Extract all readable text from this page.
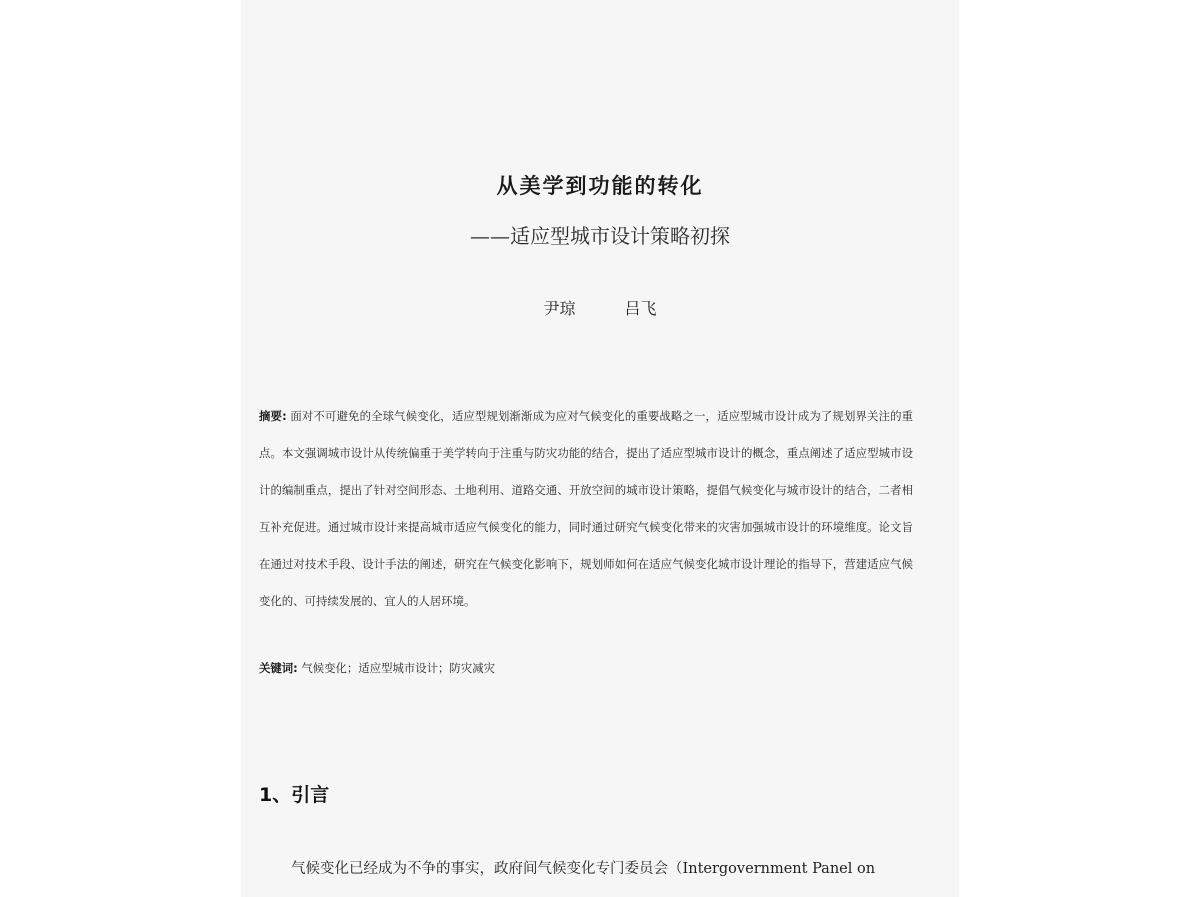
从美学到功能的转化
——适应型城市设计策略初探
尹琼	吕飞

摘要: 面对不可避免的全球气候变化，适应型规划渐渐成为应对气候变化的重要战略之一，适应型城市设计成为了规划界关注的重点。本文强调城市设计从传统偏重于美学转向于注重与防灾功能的结合，提出了适应型城市设计的概念，重点阐述了适应型城市设计的编制重点，提出了针对空间形态、土地利用、道路交通、开放空间的城市设计策略，提倡气候变化与城市设计的结合，二者相互补充促进。通过城市设计来提高城市适应气候变化的能力，同时通过研究气候变化带来的灾害加强城市设计的环境维度。论文旨在通过对技术手段、设计手法的阐述，研究在气候变化影响下，规划师如何在适应气候变化城市设计理论的指导下，营建适应气候变化的、可持续发展的、宜人的人居环境。

关键词: 气候变化；适应型城市设计；防灾减灾

1、引言

气候变化已经成为不争的事实，政府间气候变化专门委员会（Intergovernment Panel on
